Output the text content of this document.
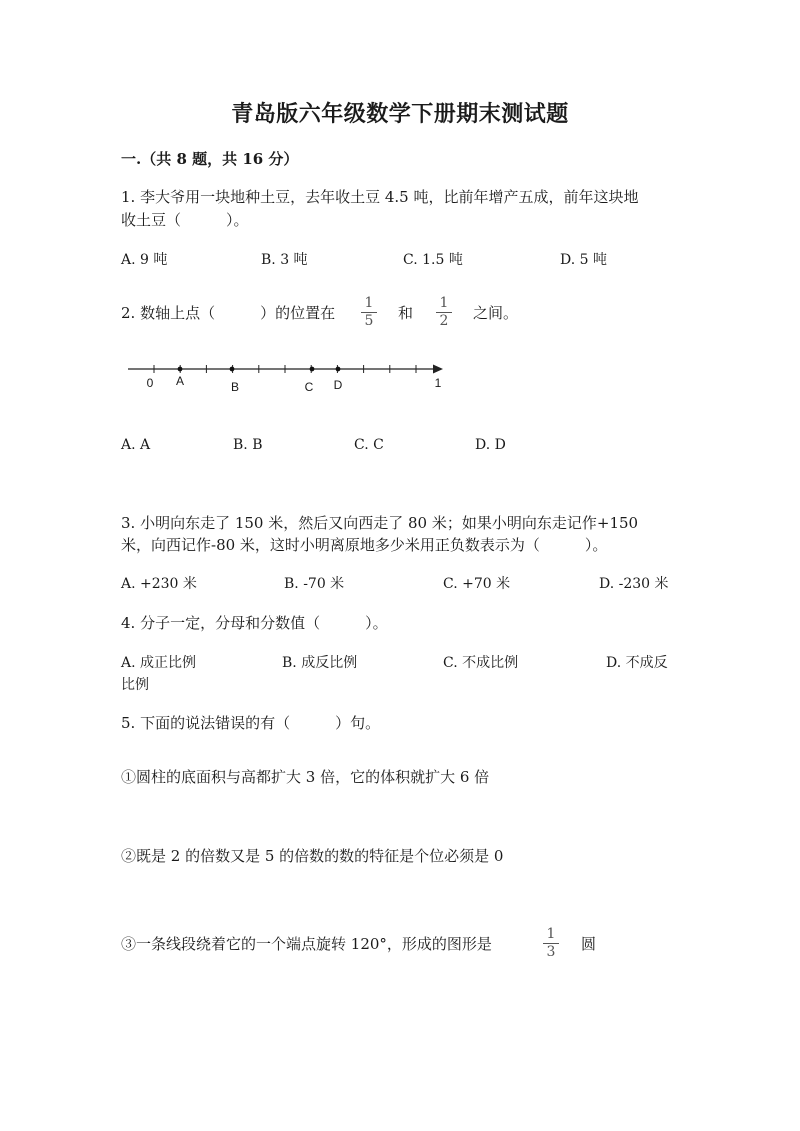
青岛版六年级数学下册期末测试题
一.（共 8 题，共 16 分）
1. 李大爷用一块地种土豆，去年收土豆 4.5 吨，比前年增产五成，前年这块地
收土豆（　　　）。
A. 9 吨	B. 3 吨	C. 1.5 吨	D. 5 吨
2. 数轴上点（　　　）的位置在
1
5 和
1
2 之间。
0 A	B	C D	1
A. A	B. B	C. C	D. D
3. 小明向东走了 150 米，然后又向西走了 80 米；如果小明向东走记作+150
米，向西记作-80 米，这时小明离原地多少米用正负数表示为（　　　）。
A. +230 米	B. -70 米	C. +70 米	D. -230 米
4. 分子一定，分母和分数值（　　　）。
A. 成正比例	B. 成反比例	C. 不成比例	D. 不成反
比例
5. 下面的说法错误的有（　　　）句。
①圆柱的底面积与高都扩大 3 倍，它的体积就扩大 6 倍
②既是 2 的倍数又是 5 的倍数的数的特征是个位必须是 0
③一条线段绕着它的一个端点旋转 120°，形成的图形是
1
3 圆
